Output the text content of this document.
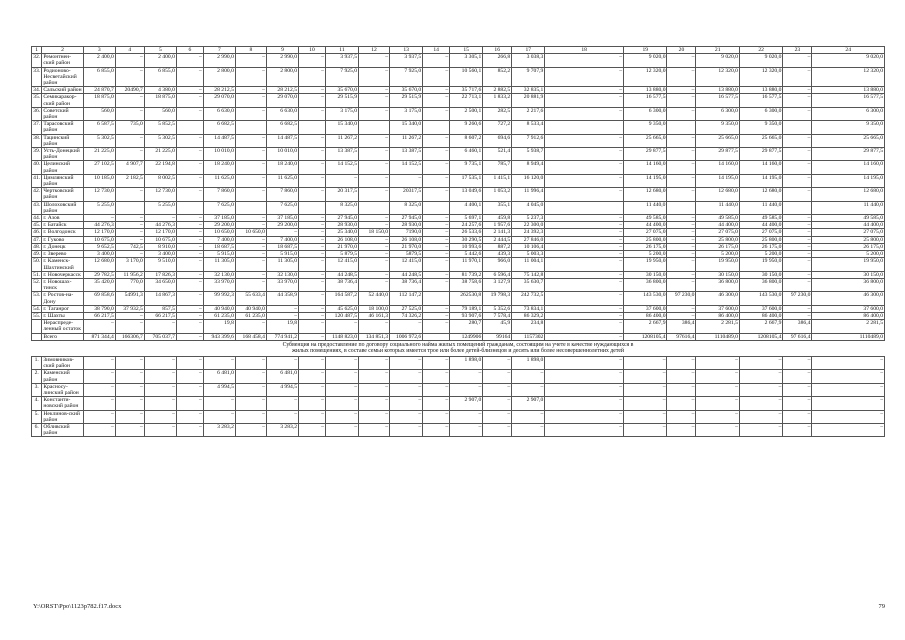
1	2	3	4	5	6	7	8	9	10	11	12	13	14	15	16	17	18	19	20	21	22	23	24
32.	Ремонтнен-ский район	2 400,0	–	2 400,0	–	2 990,0	–	2 990,0	–	3 937,5	–	3 937,5	–	3 305,1	266,8	3 038,3	–	9 020,0	–	9 020,0	9 020,0	–	9 020,0
33.	Родионово-Несветайский район	6 855,0	–	6 855,0	–	2 800,0	–	2 800,0	–	7 925,0	–	7 925,0	–	10 560,1	852,2	9 707,9	–	12 320,0	–	12 320,0	12 320,0	–	12 320,0
34.	Сальский район	24 870,7	20490,7	4 380,0	–	28 212,5	–	28 212,5	–	35 670,0	–	35 670,0	–	35 717,6	2 882,5	32 835,1	–	13 880,0	–	13 880,0	13 880,0	–	13 880,0
35.	Семикаракор-ский район	18 875,0	–	18 875,0	–	29 070,0	–	29 070,0	–	29 515,9	–	29 515,9	–	22 713,1	1 833,2	20 881,9	–	16 577,5	–	16 577,5	16 577,5	–	16 577,5
36.	Советский район	560,0	–	560,0	–	6 630,0	–	6 630,0	–	3 175,0	–	3 175,0	–	2 500,1	282,5	2 217,6	–	6 300,0	–	6 300,0	6 300,0	–	6 300,0
37.	Тарасовский район	6 587,5	735,0	5 852,5		6 682,5		6 682,5		15 340,0		15 340,0		9 260,6	727,2	8 533,4		9 350,0		9 350,0	9 350,0		9 350,0
38.	Тацинский район	5 302,5	–	5 302,5	–	14 487,5	–	14 487,5	–	11 267,2	–	11 267,2	–	8 607,2	694,6	7 912,6	–	25 665,0	–	25 665,0	25 665,0	–	25 665,0
39.	Усть-Донецкий район	21 225,0	–	21 225,0	–	10 010,0	–	10 010,0	–	13 387,5	–	13 387,5	–	6 460,1	521,4	5 938,7	–	29 877,5	–	29 877,5	29 877,5	–	29 877,5
40.	Целинский район	27 102,5	4 907,7	22 194,8	–	18 240,0	–	18 240,0	–	14 152,5	–	14 152,5	–	9 735,1	785,7	8 949,4	–	14 160,0	–	14 160,0	14 160,0	–	14 160,0
41.	Цимлянский район	10 185,0	2 182,5	8 002,5	–	11 625,0	–	11 625,0	–	–	–	–	–	17 535,1	1 415,1	16 120,0	–	14 195,0	–	14 195,0	14 195,0	–	14 195,0
42.	Чертковский район	12 730,0	–	12 730,0	–	7 860,0	–	7 860,0	–	20 317,5	–	20317,5	–	13 049,6	1 053,2	11 996,4	–	12 680,0	–	12 680,0	12 680,0	–	12 680,0
43.	Шолоховский район	5 255,0		5 255,0		7 625,0		7 625,0		8 325,0		8 325,0		4 400,1	355,1	4 045,0		11 440,0		11 440,0	11 440,0		11 440,0
44.	г. Азов	–	–	–	–	37 185,0	–	37 185,0	–	27 945,0	–	27 945,0	–	5 697,1	459,8	5 237,3	–	49 585,0	–	49 585,0	49 585,0	–	49 585,0
45.	г. Батайск	44 276,3	–	44 276,3	–	29 200,0	–	29 200,0	–	28 930,0	–	28 930,0	–	24 257,6	1 957,6	22 300,0	–	44 400,0	–	44 400,0	44 400,0	–	44 400,0
46.	г. Волгодонск	12 170,0	–	12 170,0	–	10 650,0	10 650,0	–	–	25 340,0	18 150,0	7190,0	–	26 533,6	2 141,3	24 392,3	–	27 075,0	–	27 075,0	27 075,0	–	27 075,0
47.	г. Гуково	10 675,0	–	10 675,0	–	7 400,0	–	7 400,0	–	26 108,0	–	26 108,0	–	30 290,5	2 444,5	27 846,0	–	25 800,0	–	25 800,0	25 800,0	–	25 800,0
48.	г. Донецк	9 652,5	742,5	8 910,0	–	18 687,5	–	18 687,5	–	21 970,0	–	21 970,0	–	10 993,6	887,2	10 106,4	–	26 175,0	–	26 175,0	26 175,0	–	26 175,0
49.	г. Зверево	3 400,0	–	3 400,0	–	5 915,0	–	5 915,0	–	5 879,5	–	5879,5	–	5 442,6	439,3	5 003,3	–	5 200,0	–	5 200,0	5 200,0	–	5 200,0
50.	г. Каменск-Шахтинский	12 680,0	3 170,0	9 510,0	–	11 305,0	–	11 305,0	–	12 415,0	–	12 415,0	–	11 970,1	966,0	11 004,1	–	19 950,0	–	19 950,0	19 950,0	–	19 950,0
51.	г. Новочеркасск	29 782,5	11 956,2	17 826,3	–	32 130,0	–	32 130,0	–	44 248,5	–	44 248,5	–	81 739,2	6 596,4	75 142,8	–	30 150,0	–	30 150,0	30 150,0	–	30 150,0
52.	г. Новошах-тинск	35 420,0	770,0	34 650,0	–	33 970,0	–	33 970,0	–	38 736,4	–	38 736,4	–	38 758,6	3 127,9	35 630,7	–	36 800,0	–	36 800,0	36 800,0	–	36 800,0
53.	г. Ростов-на-Дону	69 858,6	54991,3	14 867,3	–	99 992,3	55 633,4	44 358,9	–	164 587,2	52 440,0	112 147,2		262530,8	19 798,3	242 732,5	–	143 530,0	97 230,0	46 300,0	143 530,0	97 230,0	46 300,0
54.	г. Таганрог	38 790,0	37 932,5	857,5	–	40 940,0	40 940,0	–	–	45 625,0	18 100,0	27 525,0	–	79 189,1	5 352,6	73 834,1	–	37 600,0	–	37 600,0	37 600,0	–	37 600,0
55.	г. Шахты	66 217,5	–	66 217,5	–	61 235,0	61 235,0	–	–	120 487,5	46 161,3	74 326,2	–	93 907,6	7 578,4	86 329,2	–	86 400,0	–	86 400,0	86 400,0	–	86 400,0
	Нераспреде-ленный остаток	–	–	–	–	19,8	–	19,8	–	–	–	–	–	280,7	45,9	234,8	–	2 667,9	386,4	2 281,5	2 667,9	386,4	2 281,5
	Всего	871 344,4	166306,7	705 037,7	–	943 399,6	168 458,4	774 941,2	–	1148 823,0	134 851,3	1006 972,6		1249906	99164	1157302	–	1208105,4	97616,4	1110489,0	1208105,4	97 616,4	1110489,0
Субвенция на предоставление по договору социального найма жилых помещений гражданам, состоящим на учете в качестве нуждающихся в жилых помещениях, в составе семьи которых имеется трое или более детей-близнецов и десять или более несовершеннолетних детей																							
1.	Зимовников-ский район	–	–	–	–	–	–	–	–	–	–	–	–	1 898,0	–	1 898,0	–	–	–	–	–	–	–
2.	Каменский район	–	–	–	–	6 481,0	–	6 481,0	–	–	–	–	–	–	–	–	–	–	–	–	–	–	–
3.	Красносу-линский район	–	–	–	–	4 994,5	–	4 994,5	–	–	–	–	–	–	–	–	–	–	–	–	–	–	–
4.	Константи-новский район	–	–	–	–	–	–	–	–	–	–	–	–	2 907,0	–	2 907,0	–	–	–	–	–	–	–
5.	Неклинов-ский район	–	–	–	–	–	–	–	–	–	–	–	–	–	–	–	–	–	–	–	–	–	–
6.	Обливский район	–	–	–	–	3 283,2	–	3 283,2	–	–	–	–	–	–	–	–	–	–	–	–	–	–	–
Y:\ORST\Ppo\1123p782.f17.docx	79
